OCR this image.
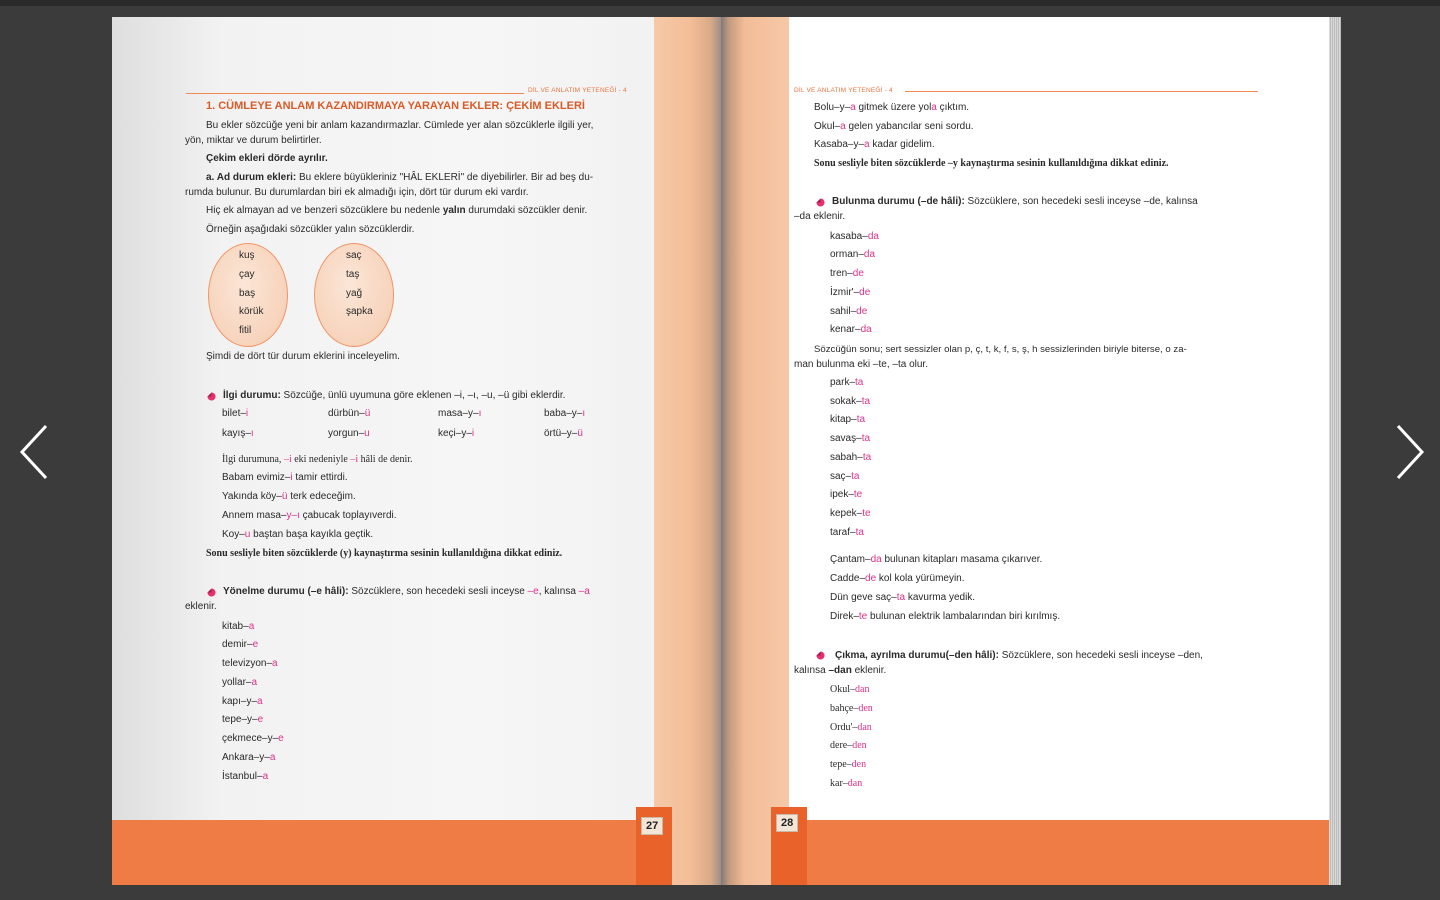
27
DİL VE ANLATIM YETENEĞİ - 4
1. CÜMLEYE ANLAM KAZANDIRMAYA YARAYAN EKLER: ÇEKİM EKLERİ
Bu ekler sözcüğe yeni bir anlam kazandırmazlar. Cümlede yer alan sözcüklerle ilgili yer,
yön, miktar ve durum belirtirler.
Çekim ekleri dörde ayrılır.
a. Ad durum ekleri: Bu eklere büyükleriniz "HÂL EKLERİ" de diyebilirler. Bir ad beş du-
rumda bulunur. Bu durumlardan biri ek almadığı için, dört tür durum eki vardır.
Hiç ek almayan ad ve benzeri sözcüklere bu nedenle yalın durumdaki sözcükler denir.
Örneğin aşağıdaki sözcükler yalın sözcüklerdir.
kuş
çay
baş
körük
fitil
saç
taş
yağ
şapka
Şimdi de dört tür durum eklerini inceleyelim.
İlgi durumu: Sözcüğe, ünlü uyumuna göre eklenen –i, –ı, –u, –ü gibi eklerdir.
bilet–i	dürbün–ü	masa–y–ı	baba–y–ı
kayış–ı	yorgun–u	keçi–y–i	örtü–y–ü
İlgi durumuna, –i eki nedeniyle –i hâli de denir.
Babam evimiz–i tamir ettirdi.
Yakında köy–ü terk edeceğim.
Annem masa–y–ı çabucak toplayıverdi.
Koy–u baştan başa kayıkla geçtik.
Sonu sesliyle biten sözcüklerde (y) kaynaştırma sesinin kullanıldığına dikkat ediniz.
Yönelme durumu (–e hâli): Sözcüklere, son hecedeki sesli inceyse –e, kalınsa –a
eklenir.
kitab–a
demir–e
televizyon–a
yollar–a
kapı–y–a
tepe–y–e
çekmece–y–e
Ankara–y–a
İstanbul–a
28
DİL VE ANLATIM YETENEĞİ - 4
Bolu–y–a gitmek üzere yola çıktım.
Okul–a gelen yabancılar seni sordu.
Kasaba–y–a kadar gidelim.
Sonu sesliyle biten sözcüklerde –y kaynaştırma sesinin kullanıldığına dikkat ediniz.
Bulunma durumu (–de hâli): Sözcüklere, son hecedeki sesli inceyse –de, kalınsa
–da eklenir.
kasaba–da
orman–da
tren–de
İzmir'–de
sahil–de
kenar–da
Sözcüğün sonu; sert sessizler olan p, ç, t, k, f, s, ş, h sessizlerinden biriyle biterse, o za-
man bulunma eki –te, –ta olur.
park–ta
sokak–ta
kitap–ta
savaş–ta
sabah–ta
saç–ta
ipek–te
kepek–te
taraf–ta
Çantam–da bulunan kitapları masama çıkarıver.
Cadde–de kol kola yürümeyin.
Dün geve saç–ta kavurma yedik.
Direk–te bulunan elektrik lambalarından biri kırılmış.
Çıkma, ayrılma durumu(–den hâli): Sözcüklere, son hecedeki sesli inceyse –den,
kalınsa –dan eklenir.
Okul–dan
bahçe–den
Ordu'–dan
dere–den
tepe–den
kar–dan
